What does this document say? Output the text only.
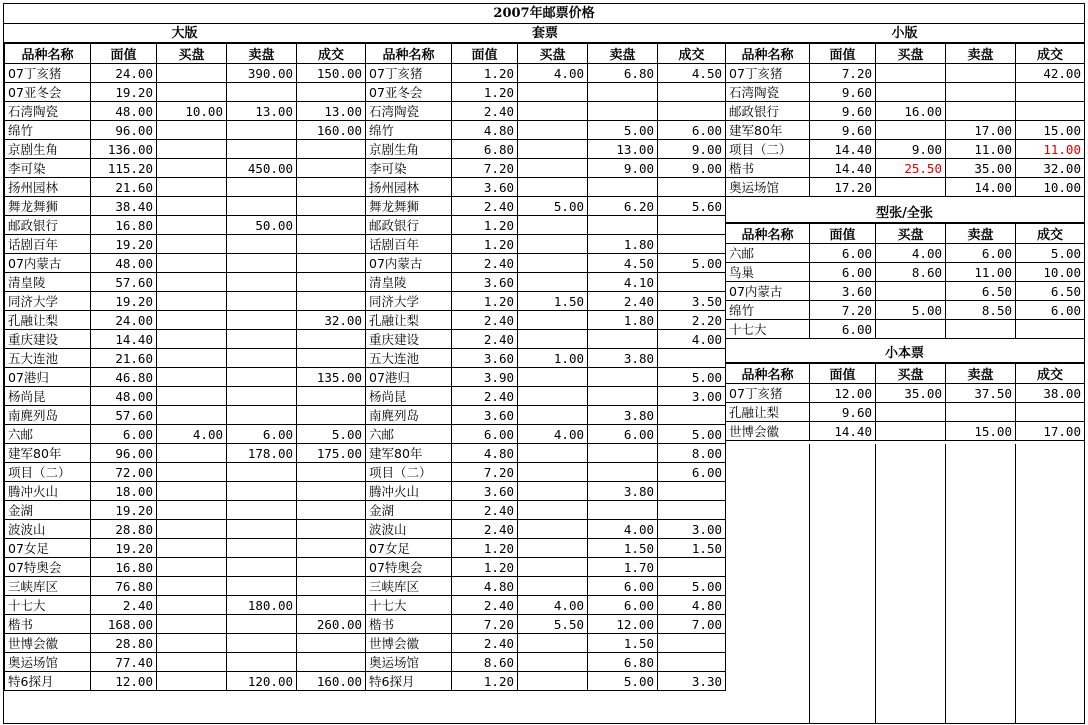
2007年邮票价格
大版
品种名称	面值	买盘	卖盘	成交
07丁亥猪	24.00		390.00	150.00
07亚冬会	19.20			
石湾陶瓷	48.00	10.00	13.00	13.00
绵竹	96.00			160.00
京剧生角	136.00			
李可染	115.20		450.00	
扬州园林	21.60			
舞龙舞狮	38.40			
邮政银行	16.80		50.00	
话剧百年	19.20			
07内蒙古	48.00			
清皇陵	57.60			
同济大学	19.20			
孔融让梨	24.00			32.00
重庆建设	14.40			
五大连池	21.60			
07港归	46.80			135.00
杨尚昆	48.00			
南麂列岛	57.60			
六邮	6.00	4.00	6.00	5.00
建军80年	96.00		178.00	175.00
项目（二）	72.00			
腾冲火山	18.00			
金湖	19.20			
波波山	28.80			
07女足	19.20			
07特奥会	16.80			
三峡库区	76.80			
十七大	2.40		180.00	
楷书	168.00			260.00
世博会徽	28.80			
奥运场馆	77.40			
特6探月	12.00		120.00	160.00
套票
品种名称	面值	买盘	卖盘	成交
07丁亥猪	1.20	4.00	6.80	4.50
07亚冬会	1.20			
石湾陶瓷	2.40			
绵竹	4.80		5.00	6.00
京剧生角	6.80		13.00	9.00
李可染	7.20		9.00	9.00
扬州园林	3.60			
舞龙舞狮	2.40	5.00	6.20	5.60
邮政银行	1.20			
话剧百年	1.20		1.80	
07内蒙古	2.40		4.50	5.00
清皇陵	3.60		4.10	
同济大学	1.20	1.50	2.40	3.50
孔融让梨	2.40		1.80	2.20
重庆建设	2.40			4.00
五大连池	3.60	1.00	3.80	
07港归	3.90			5.00
杨尚昆	2.40			3.00
南麂列岛	3.60		3.80	
六邮	6.00	4.00	6.00	5.00
建军80年	4.80			8.00
项目（二）	7.20			6.00
腾冲火山	3.60		3.80	
金湖	2.40			
波波山	2.40		4.00	3.00
07女足	1.20		1.50	1.50
07特奥会	1.20		1.70	
三峡库区	4.80		6.00	5.00
十七大	2.40	4.00	6.00	4.80
楷书	7.20	5.50	12.00	7.00
世博会徽	2.40		1.50	
奥运场馆	8.60		6.80	
特6探月	1.20		5.00	3.30
小版
品种名称	面值	买盘	卖盘	成交
07丁亥猪	7.20			42.00
石湾陶瓷	9.60			
邮政银行	9.60	16.00		
建军80年	9.60		17.00	15.00
项目（二）	14.40	9.00	11.00	11.00
楷书	14.40	25.50	35.00	32.00
奥运场馆	17.20		14.00	10.00
型张/全张
品种名称	面值	买盘	卖盘	成交
六邮	6.00	4.00	6.00	5.00
鸟巢	6.00	8.60	11.00	10.00
07内蒙古	3.60		6.50	6.50
绵竹	7.20	5.00	8.50	6.00
十七大	6.00			
小本票
品种名称	面值	买盘	卖盘	成交
07丁亥猪	12.00	35.00	37.50	38.00
孔融让梨	9.60			
世博会徽	14.40		15.00	17.00
